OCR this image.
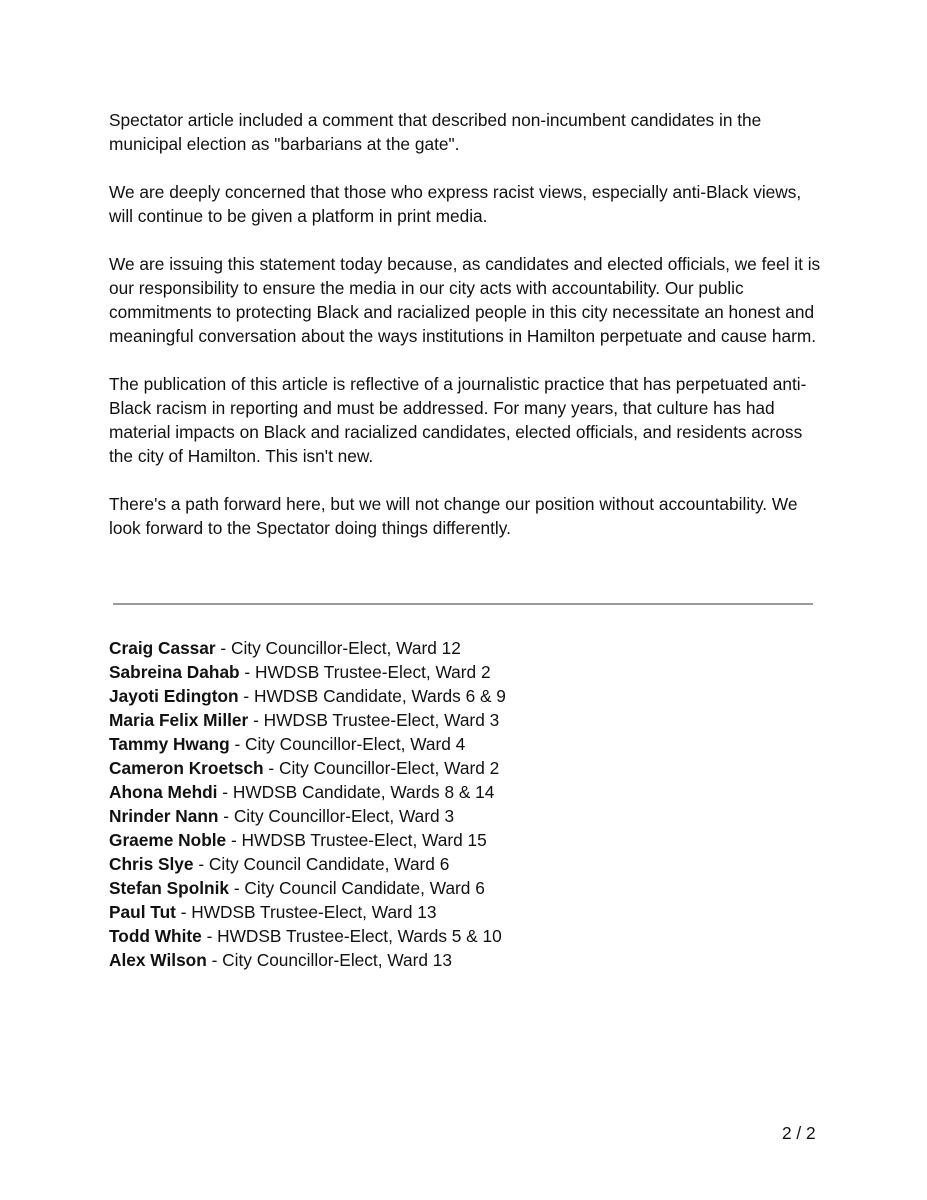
Spectator article included a comment that described non-incumbent candidates in the municipal election as "barbarians at the gate".

We are deeply concerned that those who express racist views, especially anti-Black views, will continue to be given a platform in print media.

We are issuing this statement today because, as candidates and elected officials, we feel it is our responsibility to ensure the media in our city acts with accountability. Our public commitments to protecting Black and racialized people in this city necessitate an honest and meaningful conversation about the ways institutions in Hamilton perpetuate and cause harm.

The publication of this article is reflective of a journalistic practice that has perpetuated anti-Black racism in reporting and must be addressed. For many years, that culture has had material impacts on Black and racialized candidates, elected officials, and residents across the city of Hamilton. This isn't new.

There's a path forward here, but we will not change our position without accountability. We look forward to the Spectator doing things differently.

Craig Cassar - City Councillor-Elect, Ward 12
Sabreina Dahab - HWDSB Trustee-Elect, Ward 2
Jayoti Edington - HWDSB Candidate, Wards 6 & 9
Maria Felix Miller - HWDSB Trustee-Elect, Ward 3
Tammy Hwang - City Councillor-Elect, Ward 4
Cameron Kroetsch - City Councillor-Elect, Ward 2
Ahona Mehdi - HWDSB Candidate, Wards 8 & 14
Nrinder Nann - City Councillor-Elect, Ward 3
Graeme Noble - HWDSB Trustee-Elect, Ward 15
Chris Slye - City Council Candidate, Ward 6
Stefan Spolnik - City Council Candidate, Ward 6
Paul Tut - HWDSB Trustee-Elect, Ward 13
Todd White - HWDSB Trustee-Elect, Wards 5 & 10
Alex Wilson - City Councillor-Elect, Ward 13
2 / 2
